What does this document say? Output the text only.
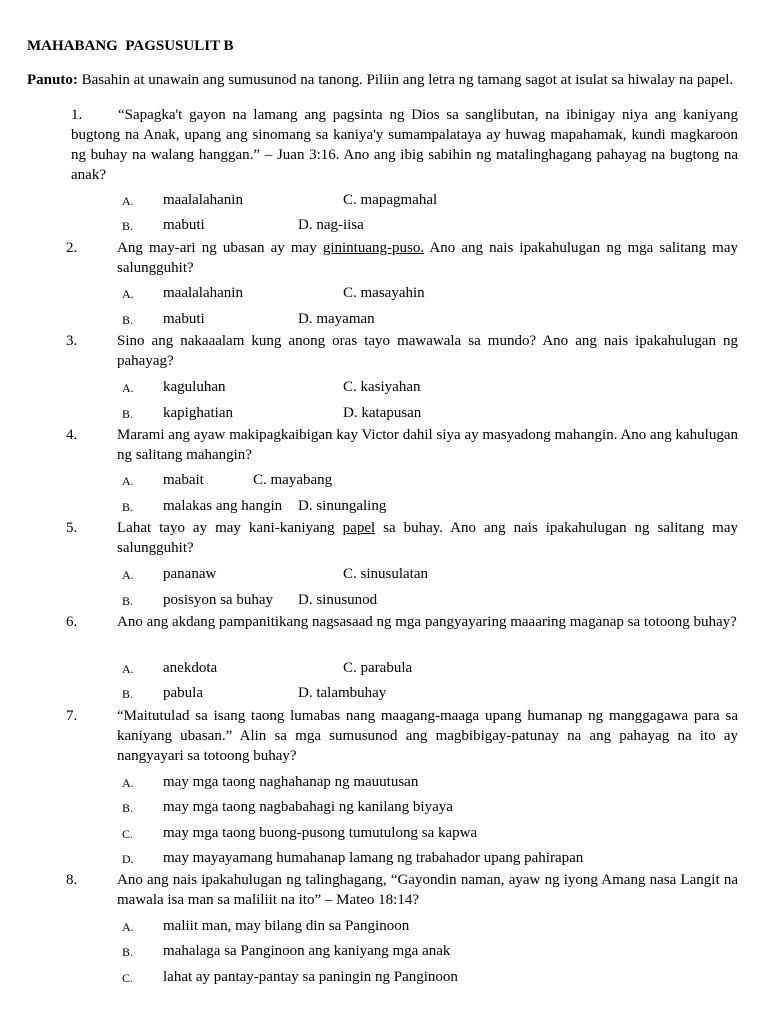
MAHABANG  PAGSUSULIT B
Panuto: Basahin at unawain ang sumusunod na tanong. Piliin ang letra ng tamang sagot at isulat sa hiwalay na papel.
1. “Sapagka't gayon na lamang ang pagsinta ng Dios sa sanglibutan, na ibinigay niya ang kaniyang bugtong na Anak, upang ang sinomang sa kaniya'y sumampalataya ay huwag mapahamak, kundi magkaroon ng buhay na walang hanggan.” – Juan 3:16. Ano ang ibig sabihin ng matalinghagang pahayag na bugtong na anak?
A. maalalahanin	C. mapagmahal
B. mabuti	D. nag-iisa
2.	Ang may-ari ng ubasan ay may ginintuang-puso. Ano ang nais ipakahulugan ng mga salitang may salungguhit?
A. maalalahanin	C. masayahin
B. mabuti	D. mayaman
3.	Sino ang nakaaalam kung anong oras tayo mawawala sa mundo? Ano ang nais ipakahulugan ng pahayag?
A. kaguluhan	C. kasiyahan
B. kapighatian	D. katapusan
4.	Marami ang ayaw makipagkaibigan kay Victor dahil siya ay masyadong mahangin. Ano ang kahulugan ng salitang mahangin?
A. mabait	C. mayabang
B. malakas ang hangin D. sinungaling
5.	Lahat tayo ay may kani-kaniyang papel sa buhay. Ano ang nais ipakahulugan ng salitang may salungguhit?
A. pananaw	C. sinusulatan
B. posisyon sa buhay D. sinusunod
6.	Ano ang akdang pampanitikang nagsasaad ng mga pangyayaring maaaring maganap sa totoong buhay?
A. anekdota	C. parabula
B. pabula	D. talambuhay
7.	“Maitutulad sa isang taong lumabas nang maagang-maaga upang humanap ng manggagawa para sa kaniyang ubasan.” Alin sa mga sumusunod ang magbibigay-patunay na ang pahayag na ito ay nangyayari sa totoong buhay?
A. may mga taong naghahanap ng mauutusan
B. may mga taong nagbabahagi ng kanilang biyaya
C. may mga taong buong-pusong tumutulong sa kapwa
D. may mayayamang humahanap lamang ng trabahador upang pahirapan
8.	Ano ang nais ipakahulugan ng talinghagang, “Gayondin naman, ayaw ng iyong Amang nasa Langit na mawala isa man sa maliliit na ito” – Mateo 18:14?
A. maliit man, may bilang din sa Panginoon
B. mahalaga sa Panginoon ang kaniyang mga anak
C. lahat ay pantay-pantay sa paningin ng Panginoon
